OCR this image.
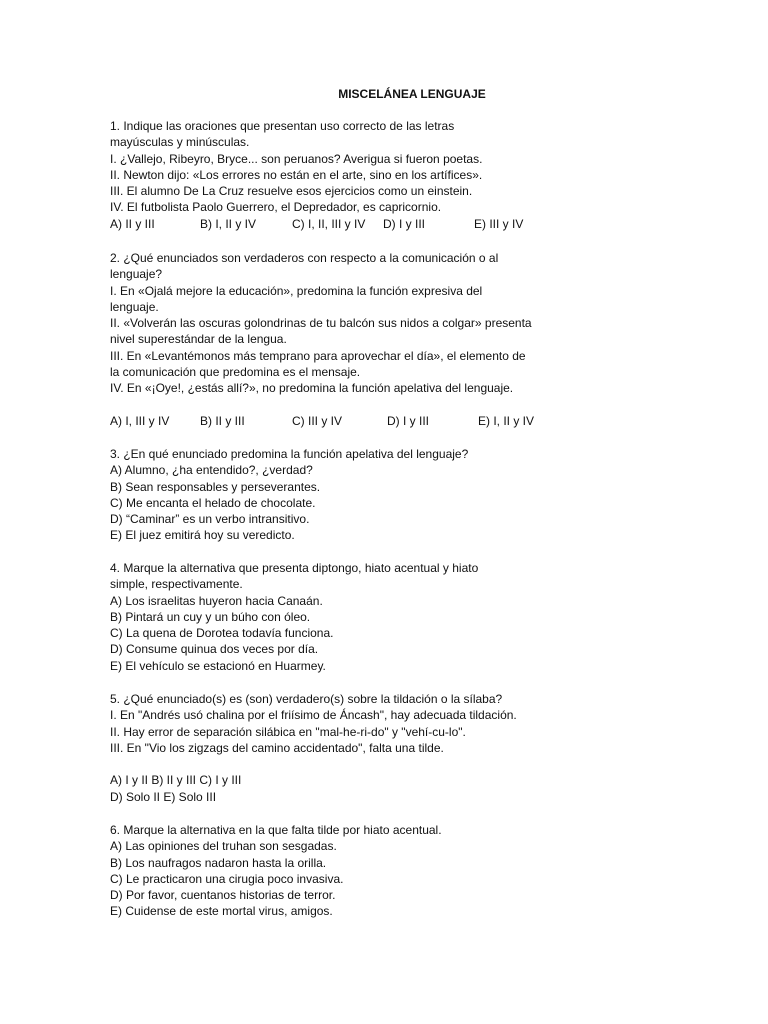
MISCELÁNEA LENGUAJE
1. Indique las oraciones que presentan uso correcto de las letras
mayúsculas y minúsculas.
I. ¿Vallejo, Ribeyro, Bryce... son peruanos? Averigua si fueron poetas.
II. Newton dijo: «Los errores no están en el arte, sino en los artífices».
III. El alumno De La Cruz resuelve esos ejercicios como un einstein.
IV. El futbolista Paolo Guerrero, el Depredador, es capricornio.
A) II y III	B) I, II y IV	C) I, II, III y IV	D) I y III	E) III y IV
2. ¿Qué enunciados son verdaderos con respecto a la comunicación o al
lenguaje?
I. En «Ojalá mejore la educación», predomina la función expresiva del
lenguaje.
II. «Volverán las oscuras golondrinas de tu balcón sus nidos a colgar» presenta
nivel superestándar de la lengua.
III. En «Levantémonos más temprano para aprovechar el día», el elemento de
la comunicación que predomina es el mensaje.
IV. En «¡Oye!, ¿estás allí?», no predomina la función apelativa del lenguaje.
A) I, III y IV	B) II y III	C) III y IV	D) I y III	E) I, II y IV
3. ¿En qué enunciado predomina la función apelativa del lenguaje?
A) Alumno, ¿ha entendido?, ¿verdad?
B) Sean responsables y perseverantes.
C) Me encanta el helado de chocolate.
D) “Caminar” es un verbo intransitivo.
E) El juez emitirá hoy su veredicto.
4. Marque la alternativa que presenta diptongo, hiato acentual y hiato
simple, respectivamente.
A) Los israelitas huyeron hacia Canaán.
B) Pintará un cuy y un búho con óleo.
C) La quena de Dorotea todavía funciona.
D) Consume quinua dos veces por día.
E) El vehículo se estacionó en Huarmey.
5. ¿Qué enunciado(s) es (son) verdadero(s) sobre la tildación o la sílaba?
I. En "Andrés usó chalina por el friísimo de Áncash", hay adecuada tildación.
II. Hay error de separación silábica en "mal-he-ri-do" y "vehí-cu-lo".
III. En "Vio los zigzags del camino accidentado", falta una tilde.
A) I y II B) II y III C) I y III
D) Solo II E) Solo III
6. Marque la alternativa en la que falta tilde por hiato acentual.
A) Las opiniones del truhan son sesgadas.
B) Los naufragos nadaron hasta la orilla.
C) Le practicaron una cirugia poco invasiva.
D) Por favor, cuentanos historias de terror.
E) Cuidense de este mortal virus, amigos.
